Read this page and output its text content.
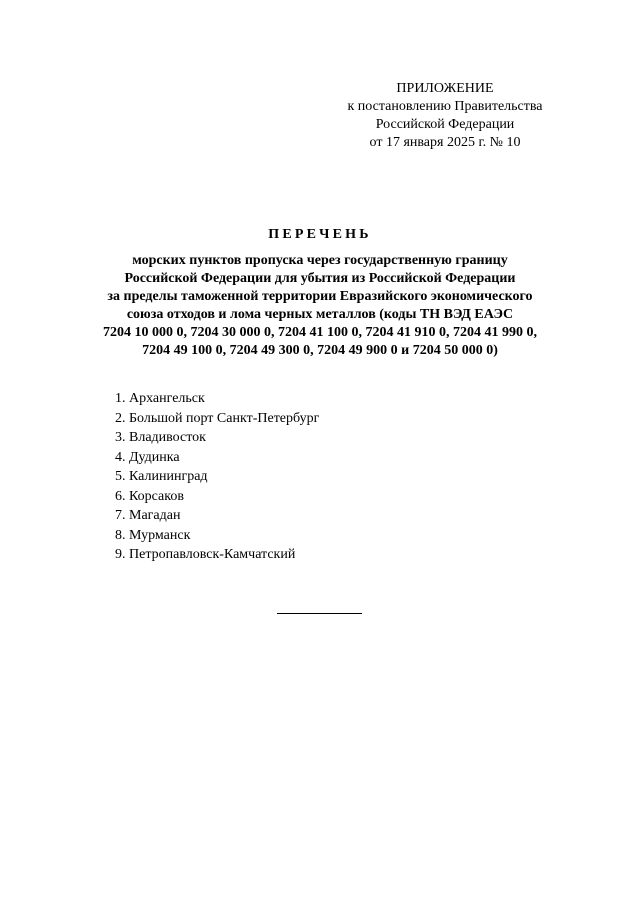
ПРИЛОЖЕНИЕ
к постановлению Правительства
Российской Федерации
от 17 января 2025 г. № 10
ПЕРЕЧЕНЬ
морских пунктов пропуска через государственную границу
Российской Федерации для убытия из Российской Федерации
за пределы таможенной территории Евразийского экономического
союза отходов и лома черных металлов (коды ТН ВЭД ЕАЭС
7204 10 000 0, 7204 30 000 0, 7204 41 100 0, 7204 41 910 0, 7204 41 990 0,
7204 49 100 0, 7204 49 300 0, 7204 49 900 0 и 7204 50 000 0)
1. Архангельск
2. Большой порт Санкт-Петербург
3. Владивосток
4. Дудинка
5. Калининград
6. Корсаков
7. Магадан
8. Мурманск
9. Петропавловск-Камчатский
